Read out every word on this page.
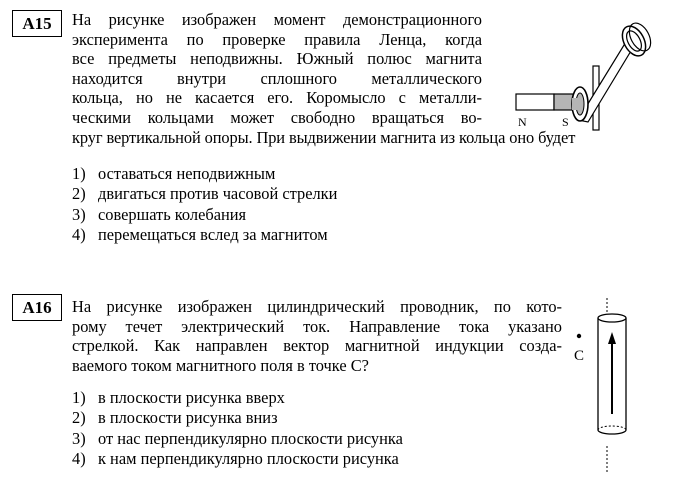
A15	На рисунке изображен момент демонстрационного
эксперимента по проверке правила Ленца, когда
все предметы неподвижны. Южный полюс магнита
находится внутри сплошного металлического
кольца, но не касается его. Коромысло с металли-
ческими кольцами может свободно вращаться во-
круг вертикальной опоры. При выдвижении магнита из кольца оно будет
1) оставаться неподвижным
2) двигаться против часовой стрелки
3) совершать колебания
4) перемещаться вслед за магнитом
N	S
A16	На рисунке изображен цилиндрический проводник, по кото-
рому течет электрический ток. Направление тока указано
стрелкой. Как направлен вектор магнитной индукции созда-
ваемого током магнитного поля в точке С?
1) в плоскости рисунка вверх
2) в плоскости рисунка вниз
3) от нас перпендикулярно плоскости рисунка
4) к нам перпендикулярно плоскости рисунка
С
